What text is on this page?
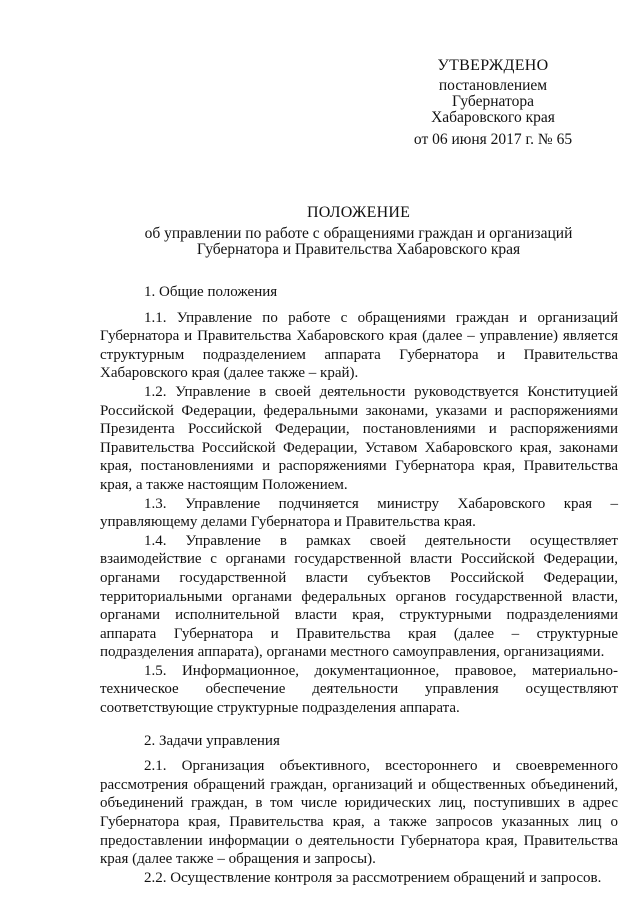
УТВЕРЖДЕНО
постановлением
Губернатора
Хабаровского края
от 06 июня 2017 г. № 65
ПОЛОЖЕНИЕ
об управлении по работе с обращениями граждан и организаций
Губернатора и Правительства Хабаровского края
1. Общие положения

1.1. Управление по работе с обращениями граждан и организаций Губернатора и Правительства Хабаровского края (далее – управление) является структурным подразделением аппарата Губернатора и Правительства Хабаровского края (далее также – край).

1.2. Управление в своей деятельности руководствуется Конституцией Российской Федерации, федеральными законами, указами и распоряжениями Президента Российской Федерации, постановлениями и распоряжениями Правительства Российской Федерации, Уставом Хабаровского края, законами края, постановлениями и распоряжениями Губернатора края, Правительства края, а также настоящим Положением.

1.3. Управление подчиняется министру Хабаровского края – управляющему делами Губернатора и Правительства края.

1.4. Управление в рамках своей деятельности осуществляет взаимодействие с органами государственной власти Российской Федерации, органами государственной власти субъектов Российской Федерации, территориальными органами федеральных органов государственной власти, органами исполнительной власти края, структурными подразделениями аппарата Губернатора и Правительства края (далее – структурные подразделения аппарата), органами местного самоуправления, организациями.

1.5. Информационное, документационное, правовое, материально-техническое обеспечение деятельности управления осуществляют соответствующие структурные подразделения аппарата.

2. Задачи управления

2.1. Организация объективного, всестороннего и своевременного рассмотрения обращений граждан, организаций и общественных объединений, объединений граждан, в том числе юридических лиц, поступивших в адрес Губернатора края, Правительства края, а также запросов указанных лиц о предоставлении информации о деятельности Губернатора края, Правительства края (далее также – обращения и запросы).

2.2. Осуществление контроля за рассмотрением обращений и запросов.
